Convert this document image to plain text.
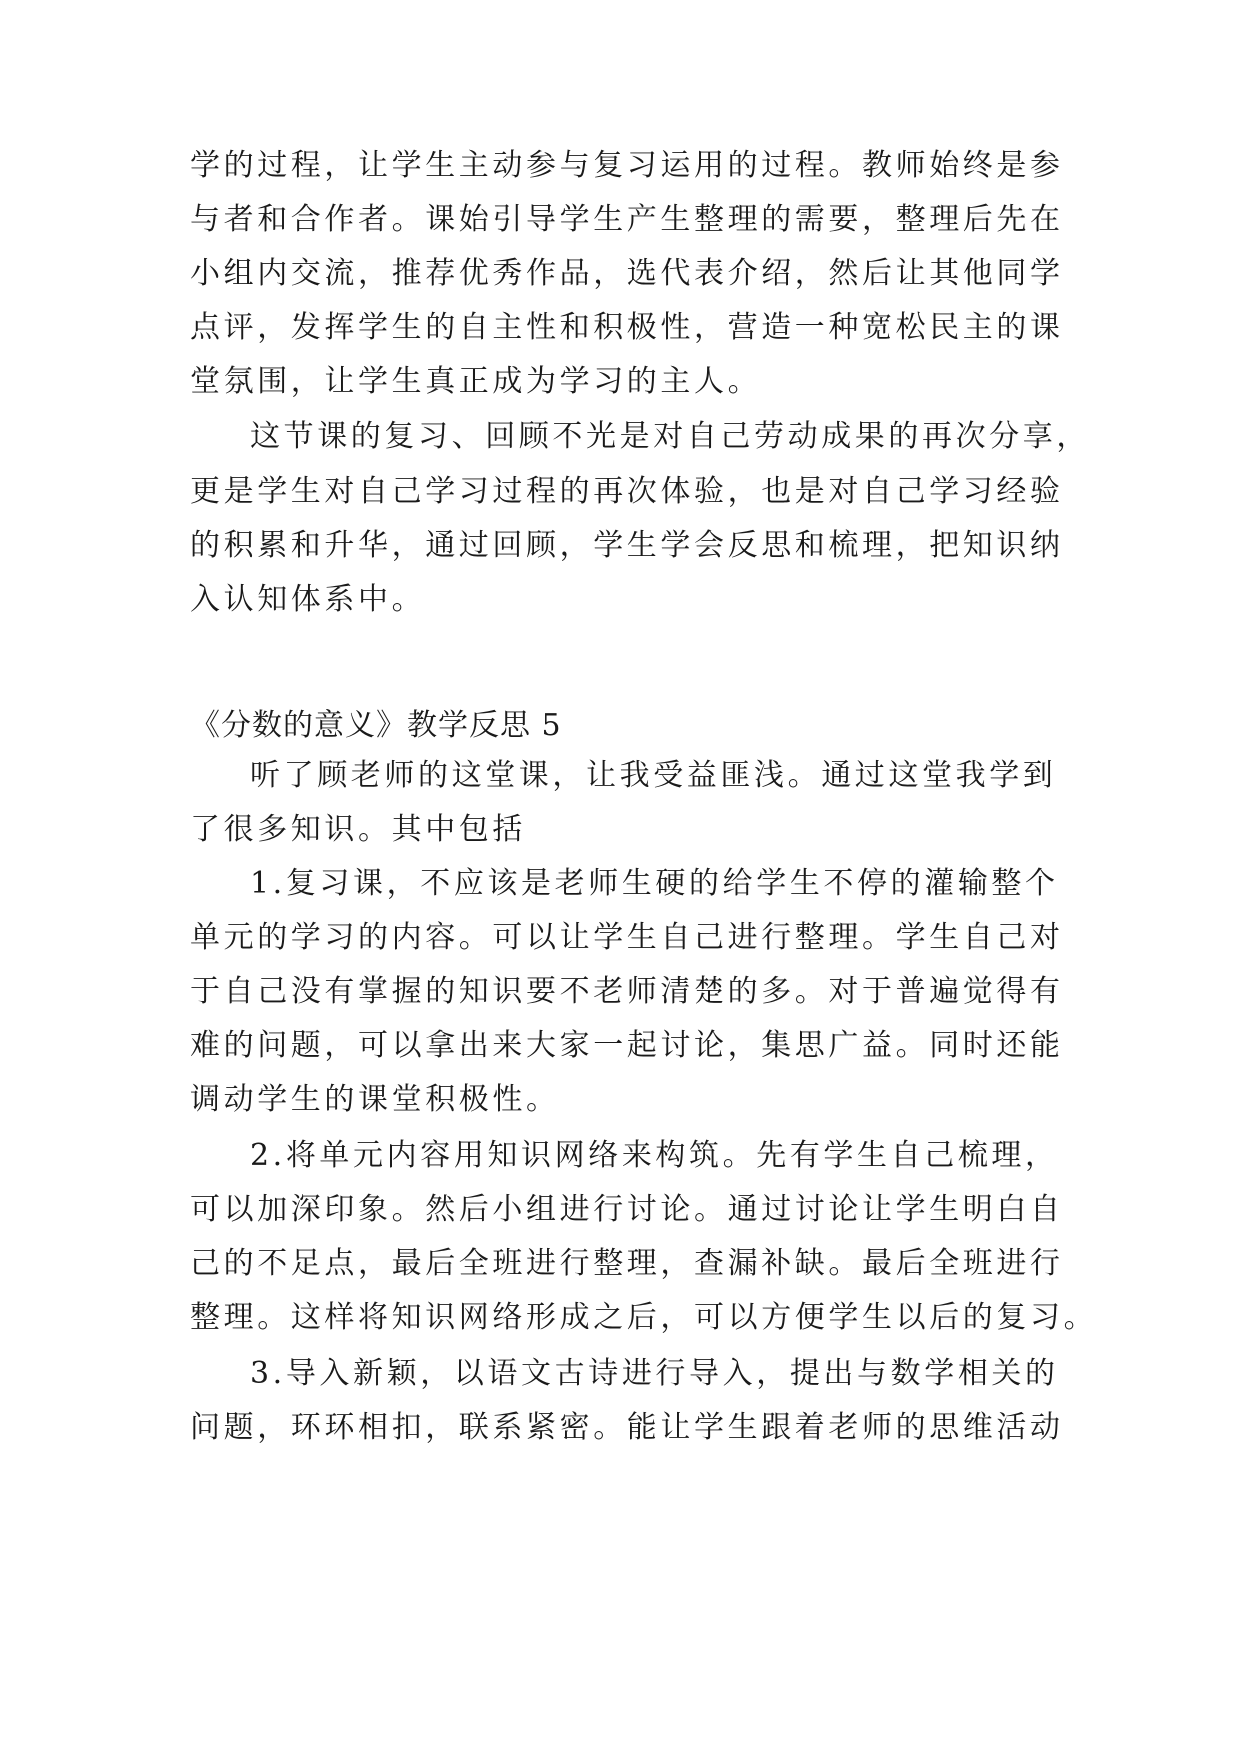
学的过程，让学生主动参与复习运用的过程。教师始终是参
与者和合作者。课始引导学生产生整理的需要，整理后先在
小组内交流，推荐优秀作品，选代表介绍，然后让其他同学
点评，发挥学生的自主性和积极性，营造一种宽松民主的课
堂氛围，让学生真正成为学习的主人。
这节课的复习、回顾不光是对自己劳动成果的再次分享，
更是学生对自己学习过程的再次体验，也是对自己学习经验
的积累和升华，通过回顾，学生学会反思和梳理，把知识纳
入认知体系中。
《分数的意义》教学反思 5
听了顾老师的这堂课，让我受益匪浅。通过这堂我学到
了很多知识。其中包括
1.复习课，不应该是老师生硬的给学生不停的灌输整个
单元的学习的内容。可以让学生自己进行整理。学生自己对
于自己没有掌握的知识要不老师清楚的多。对于普遍觉得有
难的问题，可以拿出来大家一起讨论，集思广益。同时还能
调动学生的课堂积极性。
2.将单元内容用知识网络来构筑。先有学生自己梳理，
可以加深印象。然后小组进行讨论。通过讨论让学生明白自
己的不足点，最后全班进行整理，查漏补缺。最后全班进行
整理。这样将知识网络形成之后，可以方便学生以后的复习。
3.导入新颖，以语文古诗进行导入，提出与数学相关的
问题，环环相扣，联系紧密。能让学生跟着老师的思维活动
